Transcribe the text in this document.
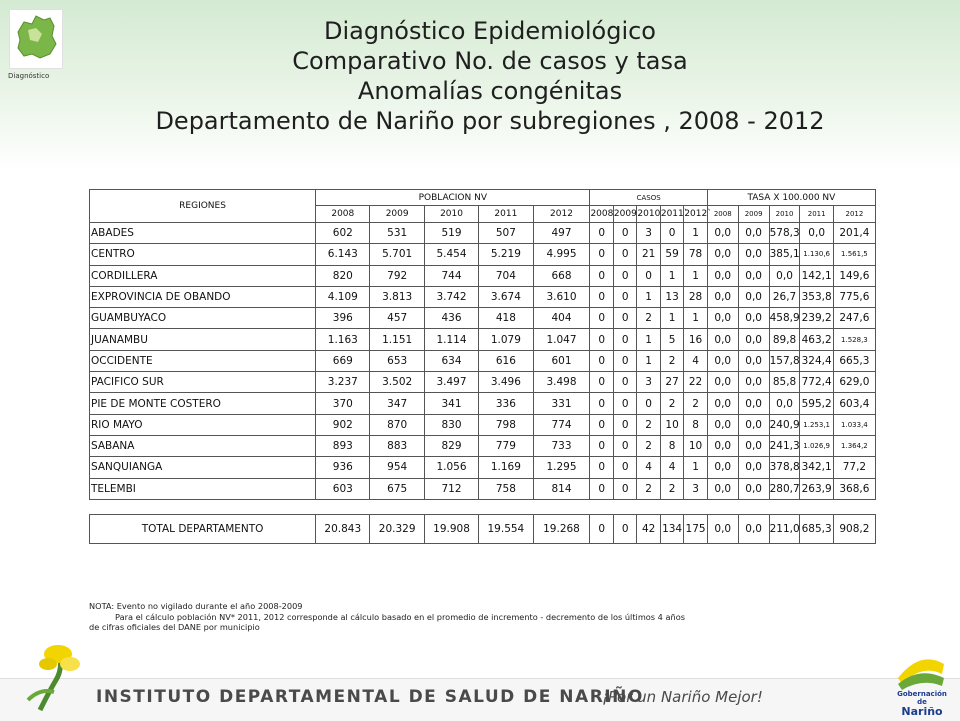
Diagnóstico
Diagnóstico Epidemiológico
Comparativo No. de casos y tasa
Anomalías congénitas
Departamento de Nariño por subregiones , 2008 - 2012
REGIONES	POBLACION NV					CASOS					TASA X 100.000 NV				
	2008	2009	2010	2011	2012	2008	2009	2010	2011`	2012`	2008	2009	2010	2011	2012
ABADES	602	531	519	507	497	0	0	3	0	1	0,0	0,0	578,3	0,0	201,4
CENTRO	6.143	5.701	5.454	5.219	4.995	0	0	21	59	78	0,0	0,0	385,1	1.130,6	1.561,5
CORDILLERA	820	792	744	704	668	0	0	0	1	1	0,0	0,0	0,0	142,1	149,6
EXPROVINCIA DE OBANDO	4.109	3.813	3.742	3.674	3.610	0	0	1	13	28	0,0	0,0	26,7	353,8	775,6
GUAMBUYACO	396	457	436	418	404	0	0	2	1	1	0,0	0,0	458,9	239,2	247,6
JUANAMBU	1.163	1.151	1.114	1.079	1.047	0	0	1	5	16	0,0	0,0	89,8	463,2	1.528,3
OCCIDENTE	669	653	634	616	601	0	0	1	2	4	0,0	0,0	157,8	324,4	665,3
PACIFICO SUR	3.237	3.502	3.497	3.496	3.498	0	0	3	27	22	0,0	0,0	85,8	772,4	629,0
PIE DE MONTE COSTERO	370	347	341	336	331	0	0	0	2	2	0,0	0,0	0,0	595,2	603,4
RIO MAYO	902	870	830	798	774	0	0	2	10	8	0,0	0,0	240,9	1.253,1	1.033,4
SABANA	893	883	829	779	733	0	0	2	8	10	0,0	0,0	241,3	1.026,9	1.364,2
SANQUIANGA	936	954	1.056	1.169	1.295	0	0	4	4	1	0,0	0,0	378,8	342,1	77,2
TELEMBI	603	675	712	758	814	0	0	2	2	3	0,0	0,0	280,7	263,9	368,6

TOTAL DEPARTAMENTO	20.843	20.329	19.908	19.554	19.268	0	0	42	134	175	0,0	0,0	211,0	685,3	908,2
NOTA: Evento no vigilado durante el año 2008-2009
Para el cálculo población NV* 2011, 2012 corresponde al cálculo basado en el promedio de incremento - decremento de los últimos 4 años
de cifras oficiales del DANE por municipio
INSTITUTO DEPARTAMENTAL DE SALUD DE NARIÑO
¡Por un Nariño Mejor!	Gobernación de
Nariño
